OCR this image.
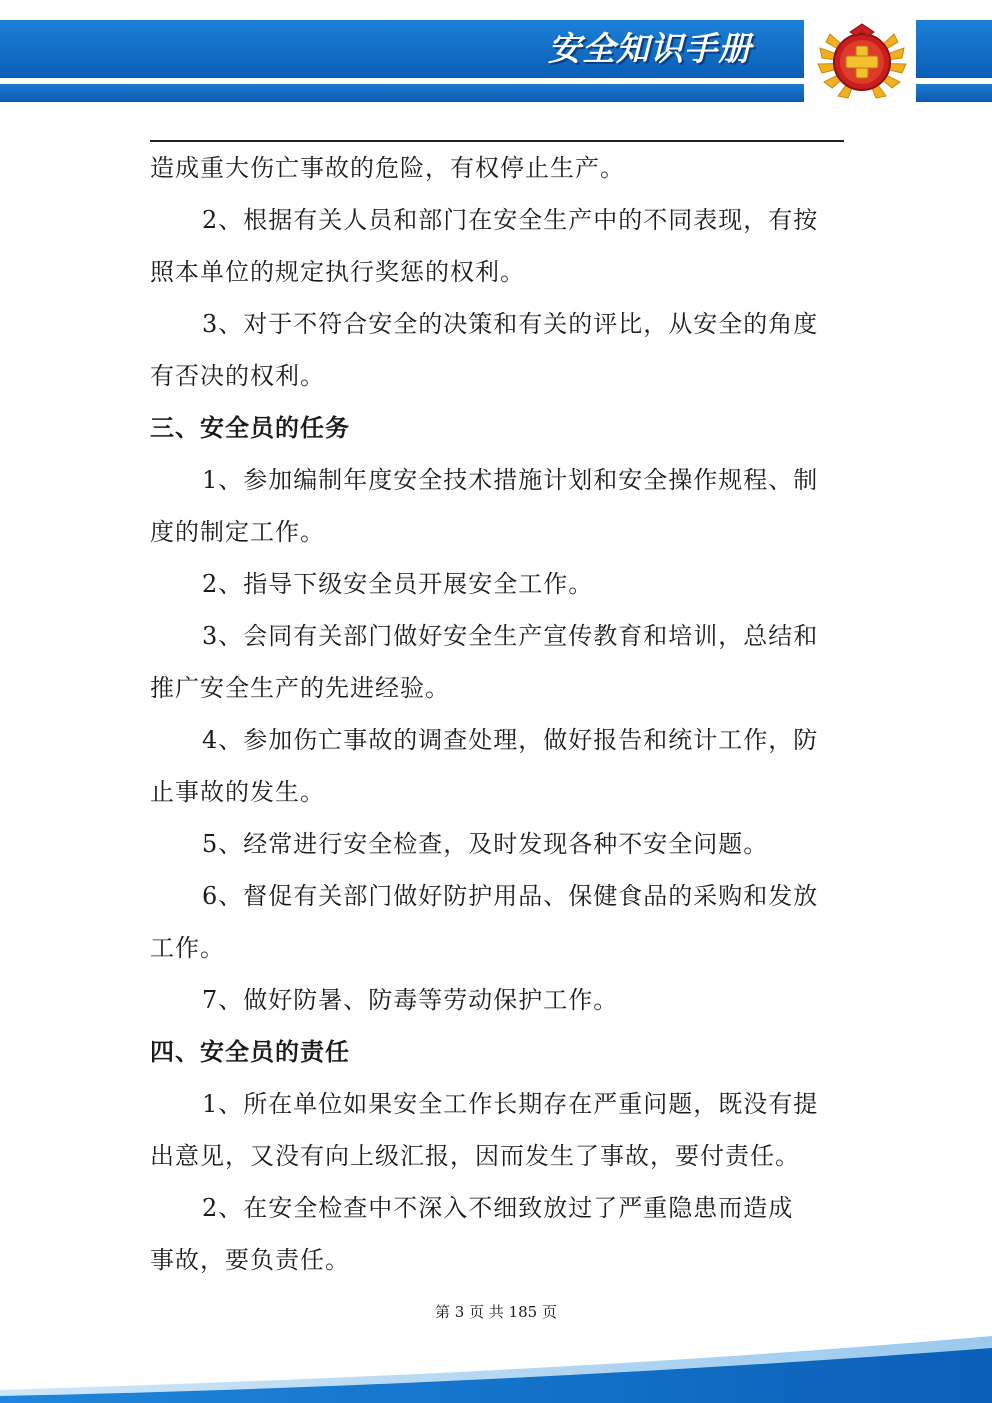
安全知识手册

造成重大伤亡事故的危险，有权停止生产。

2、根据有关人员和部门在安全生产中的不同表现，有按

照本单位的规定执行奖惩的权利。

3、对于不符合安全的决策和有关的评比，从安全的角度

有否决的权利。

三、安全员的任务

1、参加编制年度安全技术措施计划和安全操作规程、制

度的制定工作。

2、指导下级安全员开展安全工作。

3、会同有关部门做好安全生产宣传教育和培训，总结和

推广安全生产的先进经验。

4、参加伤亡事故的调查处理，做好报告和统计工作，防

止事故的发生。

5、经常进行安全检查，及时发现各种不安全问题。

6、督促有关部门做好防护用品、保健食品的采购和发放

工作。

7、做好防暑、防毒等劳动保护工作。

四、安全员的责任

1、所在单位如果安全工作长期存在严重问题，既没有提

出意见，又没有向上级汇报，因而发生了事故，要付责任。

2、在安全检查中不深入不细致放过了严重隐患而造成

事故，要负责任。

第 3 页 共 185 页
